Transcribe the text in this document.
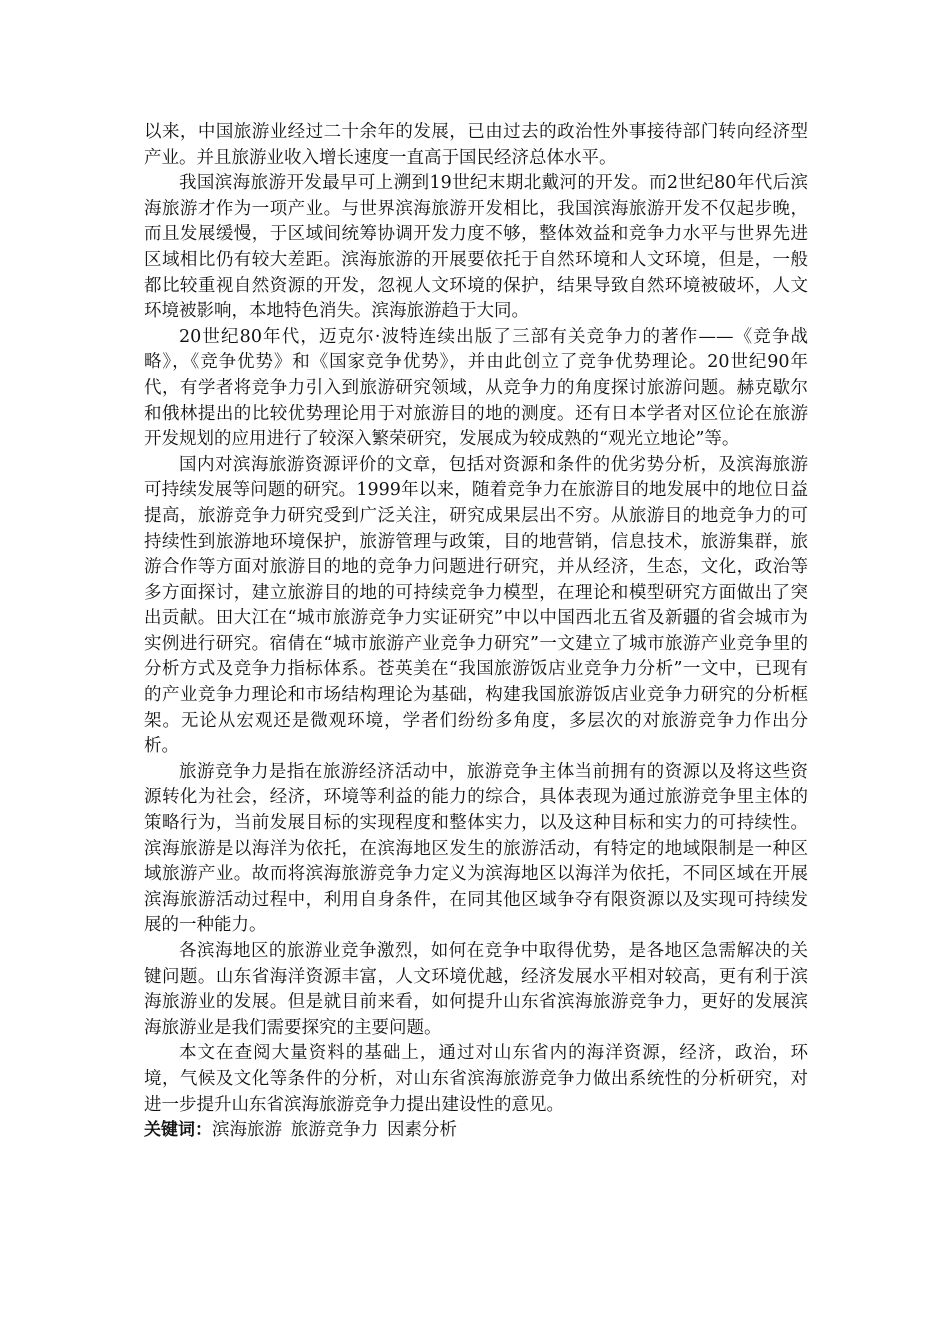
以来，中国旅游业经过二十余年的发展，已由过去的政治性外事接待部门转向经济型产业。并且旅游业收入增长速度一直高于国民经济总体水平。

我国滨海旅游开发最早可上溯到19世纪末期北戴河的开发。而2世纪80年代后滨海旅游才作为一项产业。与世界滨海旅游开发相比，我国滨海旅游开发不仅起步晚，而且发展缓慢，于区域间统筹协调开发力度不够，整体效益和竞争力水平与世界先进区域相比仍有较大差距。滨海旅游的开展要依托于自然环境和人文环境，但是，一般都比较重视自然资源的开发，忽视人文环境的保护，结果导致自然环境被破坏，人文环境被影响，本地特色消失。滨海旅游趋于大同。

20世纪80年代，迈克尔·波特连续出版了三部有关竞争力的著作——《竞争战略》，《竞争优势》和《国家竞争优势》，并由此创立了竞争优势理论。20世纪90年代，有学者将竞争力引入到旅游研究领域，从竞争力的角度探讨旅游问题。赫克歇尔和俄林提出的比较优势理论用于对旅游目的地的测度。还有日本学者对区位论在旅游开发规划的应用进行了较深入繁荣研究，发展成为较成熟的“观光立地论”等。

国内对滨海旅游资源评价的文章，包括对资源和条件的优劣势分析，及滨海旅游可持续发展等问题的研究。1999年以来，随着竞争力在旅游目的地发展中的地位日益提高，旅游竞争力研究受到广泛关注，研究成果层出不穷。从旅游目的地竞争力的可持续性到旅游地环境保护，旅游管理与政策，目的地营销，信息技术，旅游集群，旅游合作等方面对旅游目的地的竞争力问题进行研究，并从经济，生态，文化，政治等多方面探讨，建立旅游目的地的可持续竞争力模型，在理论和模型研究方面做出了突出贡献。田大江在“城市旅游竞争力实证研究”中以中国西北五省及新疆的省会城市为实例进行研究。宿倩在“城市旅游产业竞争力研究”一文建立了城市旅游产业竞争里的分析方式及竞争力指标体系。苍英美在“我国旅游饭店业竞争力分析”一文中，已现有的产业竞争力理论和市场结构理论为基础，构建我国旅游饭店业竞争力研究的分析框架。无论从宏观还是微观环境，学者们纷纷多角度，多层次的对旅游竞争力作出分析。

旅游竞争力是指在旅游经济活动中，旅游竞争主体当前拥有的资源以及将这些资源转化为社会，经济，环境等利益的能力的综合，具体表现为通过旅游竞争里主体的策略行为，当前发展目标的实现程度和整体实力，以及这种目标和实力的可持续性。滨海旅游是以海洋为依托，在滨海地区发生的旅游活动，有特定的地域限制是一种区域旅游产业。故而将滨海旅游竞争力定义为滨海地区以海洋为依托，不同区域在开展滨海旅游活动过程中，利用自身条件，在同其他区域争夺有限资源以及实现可持续发展的一种能力。

各滨海地区的旅游业竞争激烈，如何在竞争中取得优势，是各地区急需解决的关键问题。山东省海洋资源丰富，人文环境优越，经济发展水平相对较高，更有利于滨海旅游业的发展。但是就目前来看，如何提升山东省滨海旅游竞争力，更好的发展滨海旅游业是我们需要探究的主要问题。

本文在查阅大量资料的基础上，通过对山东省内的海洋资源，经济，政治，环境，气候及文化等条件的分析，对山东省滨海旅游竞争力做出系统性的分析研究，对进一步提升山东省滨海旅游竞争力提出建设性的意见。

关键词：滨海旅游 旅游竞争力 因素分析
